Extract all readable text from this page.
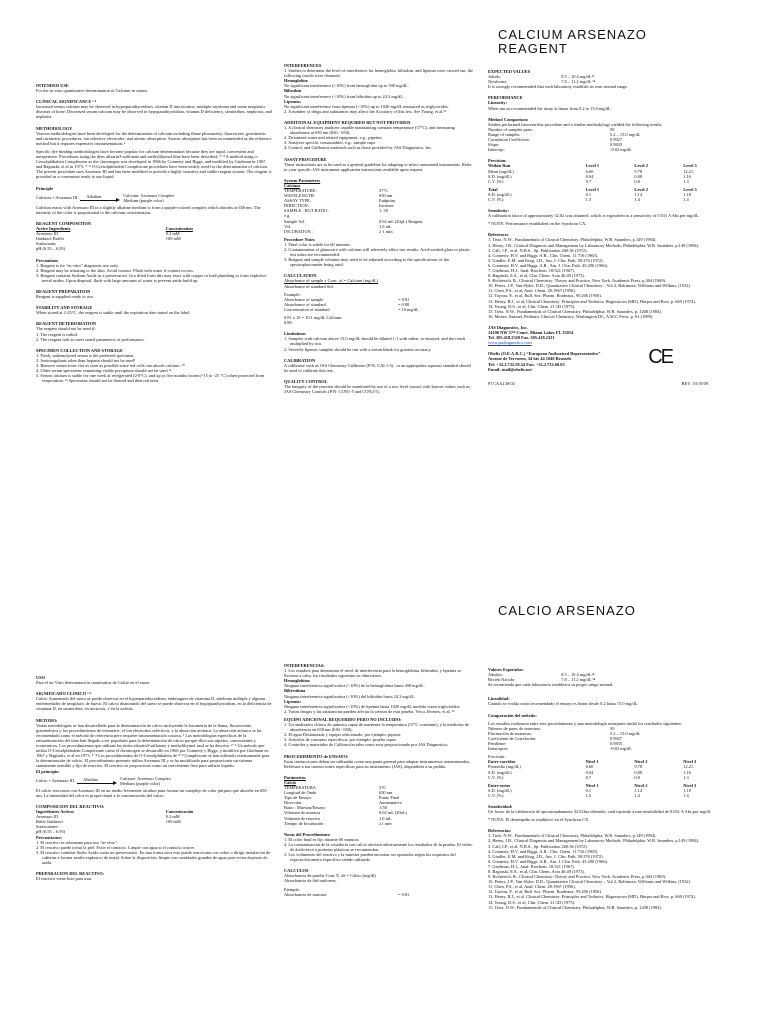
CALCIUM ARSENAZO
REAGENT
INTENDED USE

For the in vitro quantitative determination of Calcium in serum.

CLINICAL SIGNIFICANCE ⁵ ⁶

Increased serum calcium may be observed in hyperparathyroidism, vitamin D intoxication, multiple myeloma and some neoplastic diseases of bone. Decreased serum calcium may be observed in hypoparathyroidism, vitamin D deficiency, steatorrhea, nephrosis, and nephritis.

METHODOLOGY

Various methodologies have been developed for the determination of calcium including flame photometry, fluorescent, gravimetric and titrimetric procedures, ion selective electrodes, and atomic absorption. Atomic absorption has been recommended as the reference method but it requires expensive instrumentation. ¹

Specific dye binding methodologies have become popular for calcium determination because they are rapid, convenient and inexpensive. Procedures using the dyes alizarin3-sulfonate and methylthymol blue have been described. ²⁻⁴ A method using o-Cresolphthalein Complexone as the chromogen was developed in 1966 by Connerty and Biggs, and modified by Gitelman in 1967 and Baginski, et al in 1973. ⁵⁻⁸ O-Cresolphthalein Complexone procedures have been widely used for the determination of calcium.

The present procedure uses Arsenazo III and has been modified to provide a highly sensitive and stable reagent system. The reagent is provided as a convenient ready to use liquid.

Principle
Calcium + Arsenazo III Alkaline	Calcium- Arsenazo Complex
Medium (purple color)

Calcium reacts with Arsenazo III in a slightly alkaline medium to form a purple-colored complex which absorbs at 650 nm. The intensity of the color is proportional to the calcium concentration.

REAGENT COMPOSITION
Active Ingredients	Concentration
Arsenazo III	0.2 mM
Imidazol Buffer	100 mM
Surfactants
pH (6.55 – 6.95)
Precautions

1. Reagent is for “in vitro” diagnostic use only.

2. Reagent may be irritating to the skin. Avoid contact. Flush with water if contact occurs.

3. Reagent contains Sodium Azide as a preservative. In a dried form this may react with copper or lead plumbing to form explosive metal azides. Upon disposal, flush with large amounts of water to prevent azide build up.

REAGENT PREPARATION

Reagent is supplied ready to use.

STABILITY AND STORAGE

When stored at 2-25°C, the reagent is stable until the expiration date stated on the label.

REAGENT DETERIORATION

The reagent should not be used if:

1. The reagent is turbid.

2. The reagent fails to meet stated parameters of performance.

SPECIMEN COLLECTION AND STORAGE

1. Fresh, unhemolyzed serum is the preferred specimen.

2. Anticoagulants other than heparin should not be used⁹

3. Remove serum from clot as soon as possible since red cells can absorb calcium. ¹⁰

4. Older serum specimens containing visible precipitate should not be used ¹¹.

5. Serum calcium is stable for one week at refrigerated (2-8°C), and up to five months frozen (-15 to -25 °C) when protected from evaporation. ¹² Specimens should not be thawed and then refrozen.

INTERFERENCES

1. Studies to determine the level of interference for hemoglobin, bilirubin, and lipemia were carried out, the following results were obtained:

Hemoglobin:

No significant interference (<10%) from hemoglobin up to 300 mg/dL.

Bilirubin

No significant interference (<10%) from bilirubin up to 24.3 mg/dL.

Lipemia:

No significant interference from lipemia (<10%) up to 1020 mg/dL measured as triglycerides.

2. A number of drugs and substances may affect the Accuracy of this test. See Young, et al.¹³

ADDITIONAL EQUIPMENT REQUIRED BUT NOT PROVIDED

1. A clinical chemistry analyzer capable maintaining constant temperature (37°C), and measuring absorbance at 650 nm (630 - 650).

2. Deionized water and related equipment, e.g.: pipettes

3. Analyzer specific consumables, e.g.: sample cups

4. Control, and Calibrator materials such as those provided by JAS Diagnostics, Inc.

ASSAY PROCEDURE

These instructions are to be used as a general guideline for adapting to select automated instruments. Refer to your specific JAS instrument application instructions available upon request.

System Parameters
Calcium
TEMPERATURE:	37°C
WAVELENGTH:	650 nm
ASSAY TYPE:	Endpoint
DIRECTION:	Increase
SAMPLE : RGT RATIO:	1: 50
e.g.
Sample Vol.	0.02 mL (20μL) Reagent
Vol.	1.0 mL
INCUBATION :	≥ 1 min
Procedure Notes

1. Final color is stable for 60 minutes.

2. Contamination of glassware with calcium will adversely affect test results. Acid-washed glass or plastic test tubes are recommended.

3. Reagent and sample volumes may need to be adjusted according to the specifications of the spectrophotometer being used.

CALCULATION

Absorbance of sample x Conc. of = Calcium (mg/dL)

Absorbance of standard Std.

Example:

Absorbance of sample	= 0.81
Absorbance of standard	= 0.80
Concentration of standard	= 10 mg/dL

0.81 x 10 = 10.1 mg/dL Calcium

0.80

Limitations

1. Samples with calcium above 15.0 mg/dL should be diluted 1:1 with saline, re-assayed, and the result multiplied by two.

2. Severely lipemic samples should be run with a serum blank for greatest accuracy.

CALIBRATION

A calibrator such as JAS Chemistry Calibrator (P/N: CAL1-5) , or an appropriate aqueous standard should be used to calibrate this test.

QUALITY CONTROL

The integrity of the reaction should be monitored by use of a two level control with known values such as JAS Chemistry Controls (P/N: CON1-5 and CON2-5).

EXPECTED VALUES
Adults:	8.5 – 10.4 mg/dL¹⁴
Newborns:	7.8 – 11.2 mg/dL ¹⁴

It is strongly recommended that each laboratory establish its own normal range.

PERFORMANCE
Linearity:

When run as recommended the assay is linear from 0.2 to 15.0 mg/dL.

Method Comparison:

Studies performed between this procedure and a similar methodology yielded the following results:

Number of samples pairs:	50
Range of samples:	5.2 – 15.0 mg/dL
Correlation Coefficient:	0.9927
Slope:	0.9835
Intercept:	-0.02 mg/dL
Precision:
Within Run	Level 1	Level 2	Level 3
Mean (mg/dL)	6.60	9.78	12.21
S.D. (mg/dL)	0.04	0.08	1.16
C.V. (%)	0.7	0.8	1.3
Total	Level 1	Level 2	Level 3
S.D. (mg/dL)	0.1	1.14	1.18
C.V. (%)	1.5	1.4	1.4
Sensitivity:

A calibration factor of approximately 32.02 was obtained, which is equivalent to a sensitivity of 0.031 A Abs per mg/dL.

* NOTE: Performance established on the Synchron CX.

References

1. Tietz, N.W., Fundamentals of Clinical Chemistry, Philadelphia, W.B. Saunders, p.149 (1984).

2. Henry, J.B., Clinical Diagnosis and Management by Laboratory Methods, Philadelphia, W.B. Saunders, p.149 (1984).

3. Call, J.P., et al, N.B.S., Sp. Publication 260:36 (1972).

4. Connerty, H.V. and Biggs, A.R., Clin. Chem. 11:716 (1965).

5. Gindler, E.M. and King, J.D., Am. J. Clin. Path. 58:376 (1972).

6. Connerty, H.V. and Biggs, A.R., Am. J. Clin. Path. 45:290 (1966).

7. Gitelman, H.J., Anal. Biochem. 18:521 (1967).

8. Baginski, E.S., et al, Clin. Chem. Acta 46:49 (1973).

9. Richterich, R., Clinical Chemistry: Theory and Practice, New York, Academic Press, p.304 (1969).

10. Peters, J.P., Van Slyke, D.D., Quantitative Clinical Chemistry – Vol 2, Baltimore, Williams and Wilkins, (1932).

11. Chen, P.S., et al, Anal. Chem. 28:1967 (1956).

12. Tayeau, F., et al, Bull. Soc. Pharm. Bordeaux, 95:206 (1956).

13. Henry, R.J., et al, Clinical Chemistry: Principles and Technics, Hagerstown (MD), Harper and Row, p. 669 (1974).

14. Young, D.S., et al, Clin. Chem. 21:1D (1975).

15. Tietz, N.W., Fundamentals of Clinical Chemistry, Philadelphia, W.B. Saunders, p. 1208 (1984).

16. Meites, Samuel, Pediatric Clinical Chemistry, Washington DC, AACC Press, p. 81 (1989).

JAS Diagnostics, Inc.

14100 NW 57ᵗʰ Court. Miami Lakes FL 33014

Tel. 305.418.2320 Fax. 305.418.2321

www.jasdiagnostics.com

Obelis (O.E.A.R.C.) “European Authorized Representative”

Avenue de Tervuren, 34 bte 44 1040 Brussels

Tel: +32.2.732.59.54 Fax: +32.2.732.60.03

Email: mail@obelis.net

CE
PI CAA2.ISO2	REV: 10/19/09
CALCIO ARSENAZO
USO

Para el un Vitro determinación cuantitativa de Calcio en el suero.

SIGNIFICADO CLINICO ⁵ ⁶

Calcio Aumentado del suero se puede observar en el hyperparathyroidism, embriaguez de vitamina D, mieloma múltiple y algunas enfermedades de neoplastic de hueso. El calcio disminuido del suero se puede observar en el hypoparathyroidism, en la deficiencia de vitamina D, en steatorrhea, en nectrosis, y en la nefritis.

METODO:

Varias metodologías se han desarrollado para la determinación de calcio incluyendo la fotometría de la llama, fluorescente, gravimétrica y los procedimientos de titrimetric, el ion electrodos selectivos, y la absorción atómica. La absorción atómica se ha recomendado como el método de referencia pero requiere instrumentación costosa. ¹ Las metodologías específicas de la encuadernación del tinte han llegado a ser populares para la determinación de calcio porque ellos son rápidos, convenientes y económicos. Los procedimientos que utilizan los tintes alizarin3-sulfonate y methylthymol azul se ha descrito. ²⁻⁴ Un método que utiliza O-Cresolphthalein Complexone como el chromogen se desarrolló en 1966 por Connerty y Biggs, y modificó por Gitelman en 1967 y Baginski, et al en 1973. ⁵⁻⁸ Los procedimientos de O-Cresolphthalein de ⁸⁻⁹ Complexone se han utilizado extensamente para la determinación de calcio. El procedimiento presente utiliza Arsenazo III y se ha modificado para proporcionar un sistema sumamente sensible y fijo de reactivo. El reactivo se proporciona como un conveniente listo para utilizar líquido.

El principio:
Calcio + Arsenazo III Alkalino	Calcium- Arsenazo Complex
Medium (purple color)

El calcio reacciona con Arsenazo III en un medio levemente alcalino para formar un complejo de color púrpura que absorbe en 650 nm. La intensidad del color es proporcional a la concentración del calcio.

COMPOSICION DEL REACTIVO:
Ingredientes Activos	Concentración
Arsenazo III	0.2 mM
Búfer Imidazol	100 mM
Surfactantes
pH (6.55 – 6.95)
Precauciones:

1. El reactivo es solamente para uso “in-vitro”.

2. El reactivo puede irritar la piel. Evite el contacto. Limpie con agua si el contacto ocurre.

3. El reactivo contiene Sodio Azide como un preservativo. En una forma seca esto puede reaccionar con cobre o dirigir instalación de cañerías a formar azides explosivo de metal. Sobre la disposición, limpie con cantidades grandes de agua para evitar depósito de azida.

PREPARACION DEL REACTIVO:

El reactivo viene listo para usar.

INTERFERENCIAS:

1. Los estudios para determinar el nivel de interferencia para la hemoglobina, bilirrubin, y lipemia se llevaron a cabo, los resultados siguientes se obtuvieron:

Hemoglobina:

Ninguna interferencia significativa (<10%) de la hemoglobina hasta 300 mg/dL.

Bilirrubina

Ninguna interferencia significativa (<10%) del bilirubin hasta 24.3 mg/dL.

Lipemia:

Ninguna interferencia significativa (<10%) de lipemia hasta 1020 mg/dL medido como triglicéridos.

2. Varias drogas y las substancias pueden afectar la certeza de esta prueba. Vea a Jóvenes, et al. ¹³

EQUIPO ADICIONAL REQUERIDO PERO NO INCLUIDO:

1. Un analizador clínico de química capaz de mantener la temperatura (37°C constante), y la medición de absorbencia en 650 nm (630 - 650).

2. El agua Desionizada y equipo relacionado, por ejemplo: pipetas

3. Artículos de consumo específicos, por ejemplo: prueba copas

4. Controles y materiales de Calibración tales como esos proporcionado por JAS Diagnostics.

PROCEDIMIENTO de ENSAYO:

Estas instrucciones deben ser utilizadas como una pauta general para adaptar instrumentos automatizados. Refiérase a sus instrucciones específicas para su instrumento (JAS), disponibles a su pedido.

Parámetros
Calcio
TEMPERATURA	37C
Longitud de Onda	650 nm
Tipo de Ensayo	Punto Final
Dirección	Aumentativo
Ratio : Muestra/Ensayo	1:50
Volumen de muestra	0.02 mL (20uL)
Volumen de reactivo	1.0 mL
Tiempo de Incubación	≥1 min
Notas del Procedimiento

1. El color final es fijo durante 60 minutos.

2. La contaminación de la cristalería con calcio afectará adversamente los resultados de la prueba. El vidrio de ácido-lavó o probetas plásticas se recomiendan.

3. Los volúmenes del reactivo y la muestra pueden necesitar ser ajustados según los requisitos del espectrofotómetro específico siendo utilizado.

CALCULOS

Absorbancia de prueba Conc X. de = Calcio (mg/dl)

Absorbancia de Std uniforme.

Ejemplo:

Absorbancia de muestra	= 0.81
Valores Esperados:
Adultos:	8.5 – 10.4 mg/dL¹⁴
Recién Nacido:	7.8 – 11.2 mg/dL ¹⁴

Se recomienda que cada laboratorio establezca su propio rango normal.

Linealidad:

Cuándo se evalúa como recomendado el ensayo es linear desde 0.2 hasta 15.0 mg/dL.

Comparación del método:

Los estudios realizaron entre este procedimiento y una metodología semejante rindió los resultados siguientes:

Número de pares de muestras:	50
Fluctuación de muestras:	5.2 – 15.0 mg/dL
Coeficiente de Correlación:	0.9927
Pendiente:	0.9835
Interceptor:	-0.02 mg/dL

Precisión:

Entre corridas	Nivel 1	Nivel 2	Nivel 3
Promedio (mg/dL)	6.60	9.78	12.21
S.D. (mg/dL)	0.04	0.08	1.16
C.V. (%)	0.7	0.8	1.3
Entre series	Nivel 1	Nivel 2	Nivel 3
S.D. (mg/dL)	0.1	1.14	1.18
C.V. (%)	1.5	1.4	1.4
Sensitividad:

Un factor de la calibración de aproximadamente 32.02fue obtenido, cuál equivale a una sensibilidad de 0.031 A Abs por mg/dl.

* NOTA: El desempeño se estableció en el Synchron CX.

Referencias:

1. Tietz, N.W., Fundamentals of Clinical Chemistry, Philadelphia, W.B. Saunders, p.149 (1984).

2. Henry, J.B., Clinical Diagnosis and Management by Laboratory Methods, Philadelphia, W.B. Saunders, p.149 (1984).

3. Call, J.P., et al, N.B.S., Sp. Publication 260:36 (1972).

4. Connerty, H.V. and Biggs, A.R., Clin. Chem. 11:716 (1965).

5. Gindler, E.M. and King, J.D., Am. J. Clin. Path. 58:376 (1972).

6. Connerty, H.V. and Biggs, A.R., Am. J. Clin. Path. 45:290 (1966).

7. Gitelman, H.J., Anal. Biochem. 18:521 (1967).

8. Baginski, E.S., et al, Clin. Chem. Acta 46:49 (1973).

9. Richterich, R., Clinical Chemistry: Theory and Practice, New York, Academic Press, p.304 (1969).

10. Peters, J.P., Van Slyke, D.D., Quantitative Clinical Chemistry – Vol 2, Baltimore, Williams and Wilkins, (1932).

11. Chen, P.S., et al, Anal. Chem. 28:1967 (1956).

12. Tayeau, F., et al, Bull. Soc. Pharm. Bordeaux, 95:206 (1956).

13. Henry, R.J., et al, Clinical Chemistry: Principles and Technics, Hagerstown (MD), Harper and Row, p. 669 (1974).

14. Young, D.S., et al, Clin. Chem. 21:1D (1975).

15. Tietz, N.W., Fundamentals of Clinical Chemistry, Philadelphia, W.B. Saunders, p. 1208 (1984).
